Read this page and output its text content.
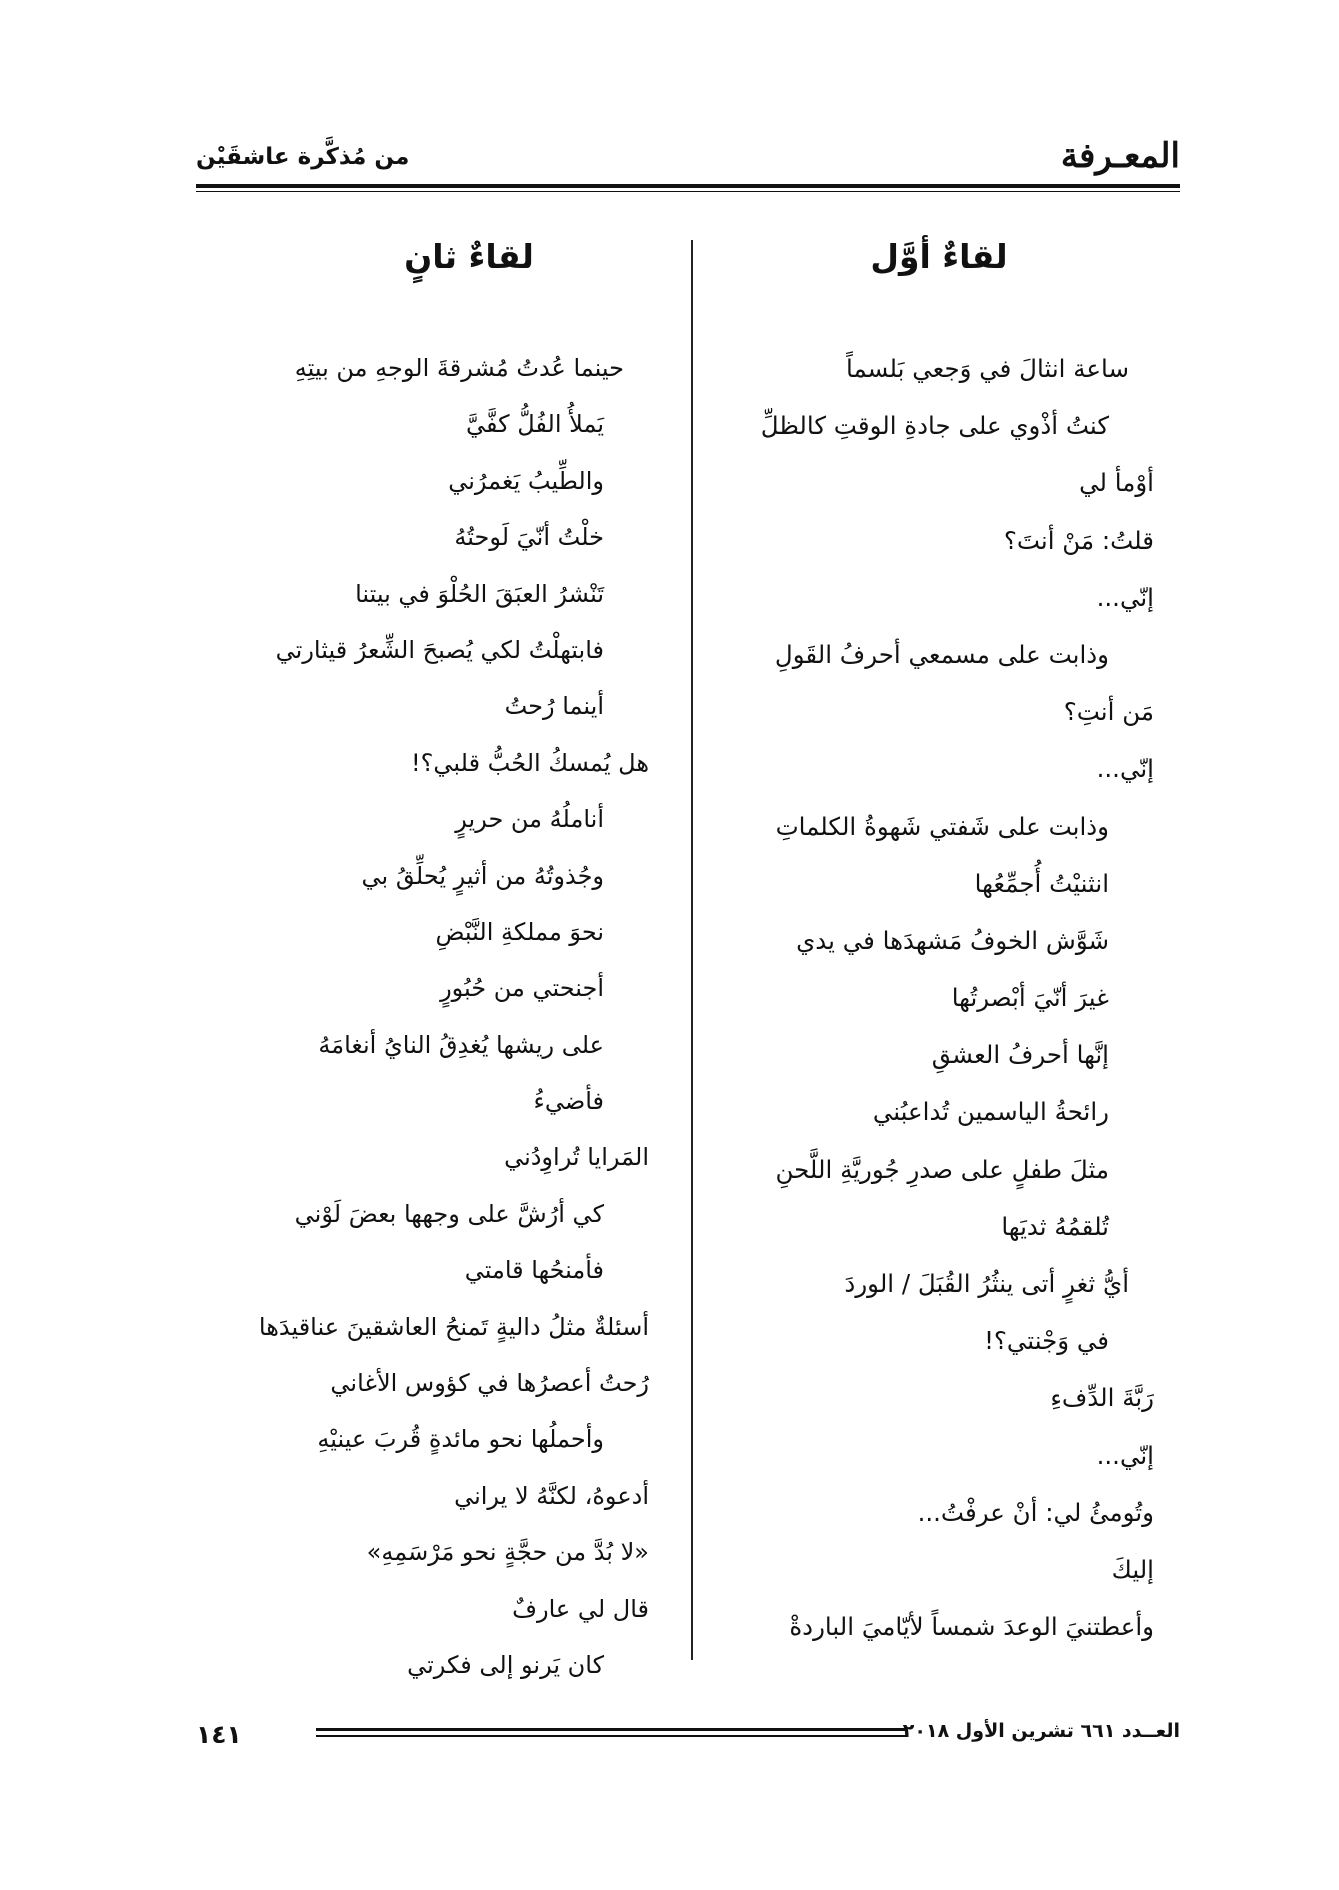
المعـرفة
من مُذكَّرة عاشقَيْن
لقاءٌ أوَّل
ساعة انثالَ في وَجعي بَلسماً
كنتُ أذْوي على جادةِ الوقتِ كالظلِّ
أوْمأ لي
قلتُ: مَنْ أنتَ؟
إنّي...
وذابت على مسمعي أحرفُ القَولِ
مَن أنتِ؟
إنّي...
وذابت على شَفتي شَهوةُ الكلماتِ
انثنيْتُ أُجمِّعُها
شَوَّش الخوفُ مَشهدَها في يدي
غيرَ أنّيَ أبْصرتُها
إنَّها أحرفُ العشقِ
رائحةُ الياسمين تُداعبُني
مثلَ طفلٍ على صدرِ جُوريَّةِ اللَّحنِ
تُلقمُهُ ثديَها
أيُّ ثغرٍ أتى ينثُرُ القُبَلَ / الوردَ
في وَجْنتي؟!
رَبَّةَ الدِّفءِ
إنّي...
وتُومئُ لي: أنْ عرفْتُ...
إليكَ
وأعطتنيَ الوعدَ شمساً لأيّاميَ الباردةْ
لقاءٌ ثانٍ
حينما عُدتُ مُشرقةَ الوجهِ من بيتِهِ
يَملأُ الفُلُّ كفَّيَّ
والطِّيبُ يَغمرُني
خلْتُ أنّيَ لَوحتُهُ
تَنْشرُ العبَقَ الحُلْوَ في بيتنا
فابتهلْتُ لكي يُصبحَ الشِّعرُ قيثارتي
أينما رُحتُ
هل يُمسكُ الحُبُّ قلبي؟!
أناملُهُ من حريرٍ
وجُذوتُهُ من أثيرٍ يُحلِّقُ بي
نحوَ مملكةِ النَّبْضِ
أجنحتي من حُبُورٍ
على ريشها يُغدِقُ النايُ أنغامَهُ
فأضيءُ
المَرايا تُراوِدُني
كي أرُشَّ على وجهها بعضَ لَوْني
فأمنحُها قامتي
أسئلةٌ مثلُ داليةٍ تَمنحُ العاشقينَ عناقيدَها
رُحتُ أعصرُها في كؤوس الأغاني
وأحملُها نحو مائدةٍ قُربَ عينيْهِ
أدعوهُ، لكنَّهُ لا يراني
«لا بُدَّ من حجَّةٍ نحو مَرْسَمِهِ»
قال لي عارفٌ
كان يَرنو إلى فكرتي
١٤١	العــدد ٦٦١ تشرين الأول ٢٠١٨
